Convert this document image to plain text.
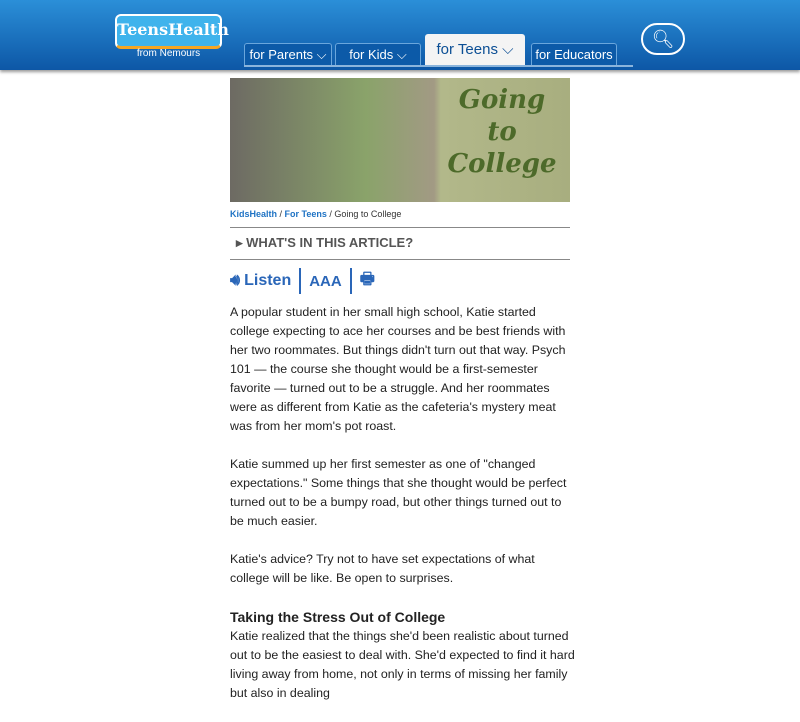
TeensHealth
from Nemours	for Parents ⌵	for Kids ⌵	for Teens ⌵	for Educators
🔍︎
Going to College
KidsHealth / For Teens / Going to College
▸ WHAT'S IN THIS ARTICLE?
🔊︎ Listen AAA 🖶︎

A popular student in her small high school, Katie started college expecting to ace her courses and be best friends with her two roommates. But things didn't turn out that way. Psych 101 — the course she thought would be a first-semester favorite — turned out to be a struggle. And her roommates were as different from Katie as the cafeteria's mystery meat was from her mom's pot roast.

Katie summed up her first semester as one of "changed expectations." Some things that she thought would be perfect turned out to be a bumpy road, but other things turned out to be much easier.

Katie's advice? Try not to have set expectations of what college will be like. Be open to surprises.

Taking the Stress Out of College

Katie realized that the things she'd been realistic about turned out to be the easiest to deal with. She'd expected to find it hard living away from home, not only in terms of missing her family but also in dealing
